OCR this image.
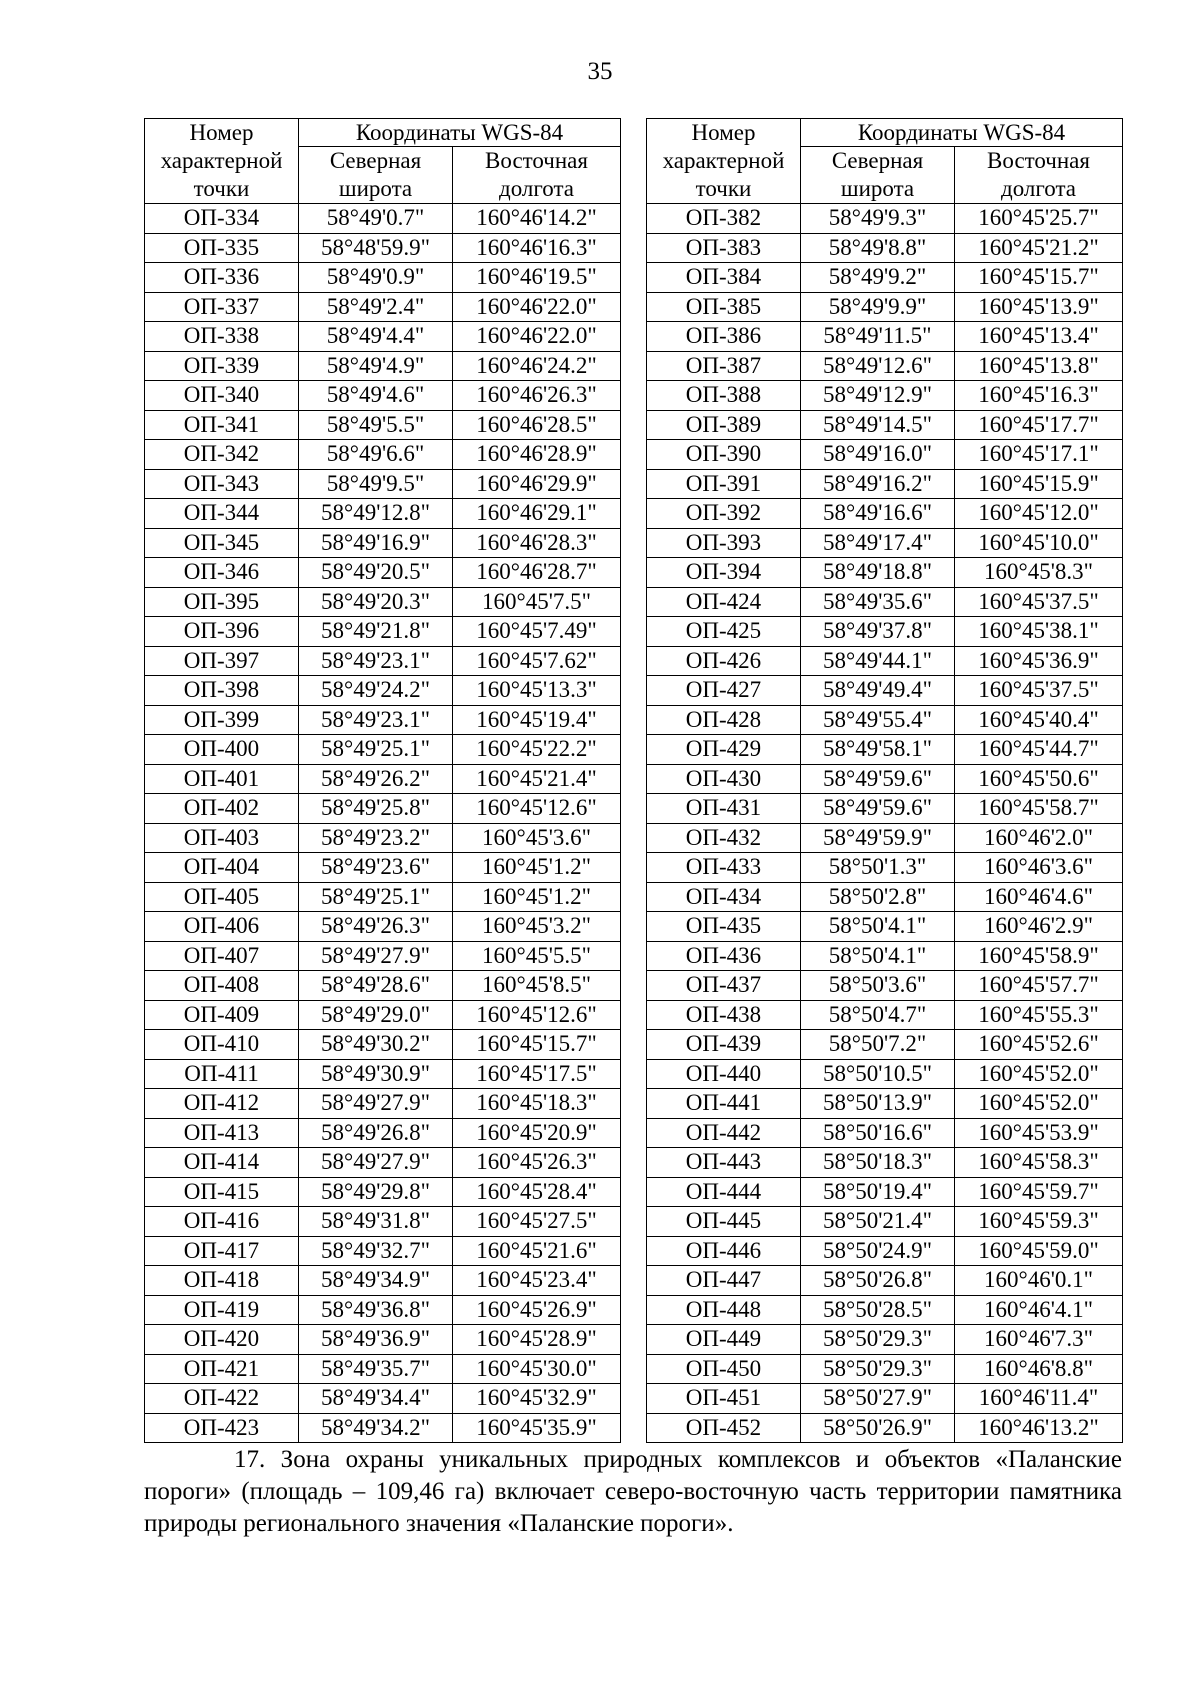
35
Номер
характерной
точки	Координаты WGS-84	
	Северная	Восточная
	широта	долгота
ОП-334	58°49'0.7"	160°46'14.2"
ОП-335	58°48'59.9"	160°46'16.3"
ОП-336	58°49'0.9"	160°46'19.5"
ОП-337	58°49'2.4"	160°46'22.0"
ОП-338	58°49'4.4"	160°46'22.0"
ОП-339	58°49'4.9"	160°46'24.2"
ОП-340	58°49'4.6"	160°46'26.3"
ОП-341	58°49'5.5"	160°46'28.5"
ОП-342	58°49'6.6"	160°46'28.9"
ОП-343	58°49'9.5"	160°46'29.9"
ОП-344	58°49'12.8"	160°46'29.1"
ОП-345	58°49'16.9"	160°46'28.3"
ОП-346	58°49'20.5"	160°46'28.7"
ОП-395	58°49'20.3"	160°45'7.5"
ОП-396	58°49'21.8"	160°45'7.49"
ОП-397	58°49'23.1"	160°45'7.62"
ОП-398	58°49'24.2"	160°45'13.3"
ОП-399	58°49'23.1"	160°45'19.4"
ОП-400	58°49'25.1"	160°45'22.2"
ОП-401	58°49'26.2"	160°45'21.4"
ОП-402	58°49'25.8"	160°45'12.6"
ОП-403	58°49'23.2"	160°45'3.6"
ОП-404	58°49'23.6"	160°45'1.2"
ОП-405	58°49'25.1"	160°45'1.2"
ОП-406	58°49'26.3"	160°45'3.2"
ОП-407	58°49'27.9"	160°45'5.5"
ОП-408	58°49'28.6"	160°45'8.5"
ОП-409	58°49'29.0"	160°45'12.6"
ОП-410	58°49'30.2"	160°45'15.7"
ОП-411	58°49'30.9"	160°45'17.5"
ОП-412	58°49'27.9"	160°45'18.3"
ОП-413	58°49'26.8"	160°45'20.9"
ОП-414	58°49'27.9"	160°45'26.3"
ОП-415	58°49'29.8"	160°45'28.4"
ОП-416	58°49'31.8"	160°45'27.5"
ОП-417	58°49'32.7"	160°45'21.6"
ОП-418	58°49'34.9"	160°45'23.4"
ОП-419	58°49'36.8"	160°45'26.9"
ОП-420	58°49'36.9"	160°45'28.9"
ОП-421	58°49'35.7"	160°45'30.0"
ОП-422	58°49'34.4"	160°45'32.9"
ОП-423	58°49'34.2"	160°45'35.9"
Номер
характерной
точки	Координаты WGS-84	
	Северная	Восточная
	широта	долгота
ОП-382	58°49'9.3"	160°45'25.7"
ОП-383	58°49'8.8"	160°45'21.2"
ОП-384	58°49'9.2"	160°45'15.7"
ОП-385	58°49'9.9"	160°45'13.9"
ОП-386	58°49'11.5"	160°45'13.4"
ОП-387	58°49'12.6"	160°45'13.8"
ОП-388	58°49'12.9"	160°45'16.3"
ОП-389	58°49'14.5"	160°45'17.7"
ОП-390	58°49'16.0"	160°45'17.1"
ОП-391	58°49'16.2"	160°45'15.9"
ОП-392	58°49'16.6"	160°45'12.0"
ОП-393	58°49'17.4"	160°45'10.0"
ОП-394	58°49'18.8"	160°45'8.3"
ОП-424	58°49'35.6"	160°45'37.5"
ОП-425	58°49'37.8"	160°45'38.1"
ОП-426	58°49'44.1"	160°45'36.9"
ОП-427	58°49'49.4"	160°45'37.5"
ОП-428	58°49'55.4"	160°45'40.4"
ОП-429	58°49'58.1"	160°45'44.7"
ОП-430	58°49'59.6"	160°45'50.6"
ОП-431	58°49'59.6"	160°45'58.7"
ОП-432	58°49'59.9"	160°46'2.0"
ОП-433	58°50'1.3"	160°46'3.6"
ОП-434	58°50'2.8"	160°46'4.6"
ОП-435	58°50'4.1"	160°46'2.9"
ОП-436	58°50'4.1"	160°45'58.9"
ОП-437	58°50'3.6"	160°45'57.7"
ОП-438	58°50'4.7"	160°45'55.3"
ОП-439	58°50'7.2"	160°45'52.6"
ОП-440	58°50'10.5"	160°45'52.0"
ОП-441	58°50'13.9"	160°45'52.0"
ОП-442	58°50'16.6"	160°45'53.9"
ОП-443	58°50'18.3"	160°45'58.3"
ОП-444	58°50'19.4"	160°45'59.7"
ОП-445	58°50'21.4"	160°45'59.3"
ОП-446	58°50'24.9"	160°45'59.0"
ОП-447	58°50'26.8"	160°46'0.1"
ОП-448	58°50'28.5"	160°46'4.1"
ОП-449	58°50'29.3"	160°46'7.3"
ОП-450	58°50'29.3"	160°46'8.8"
ОП-451	58°50'27.9"	160°46'11.4"
ОП-452	58°50'26.9"	160°46'13.2"

17. Зона охраны уникальных природных комплексов и объектов «Паланские пороги» (площадь – 109,46 га) включает северо-восточную часть территории памятника природы регионального значения «Паланские пороги».
